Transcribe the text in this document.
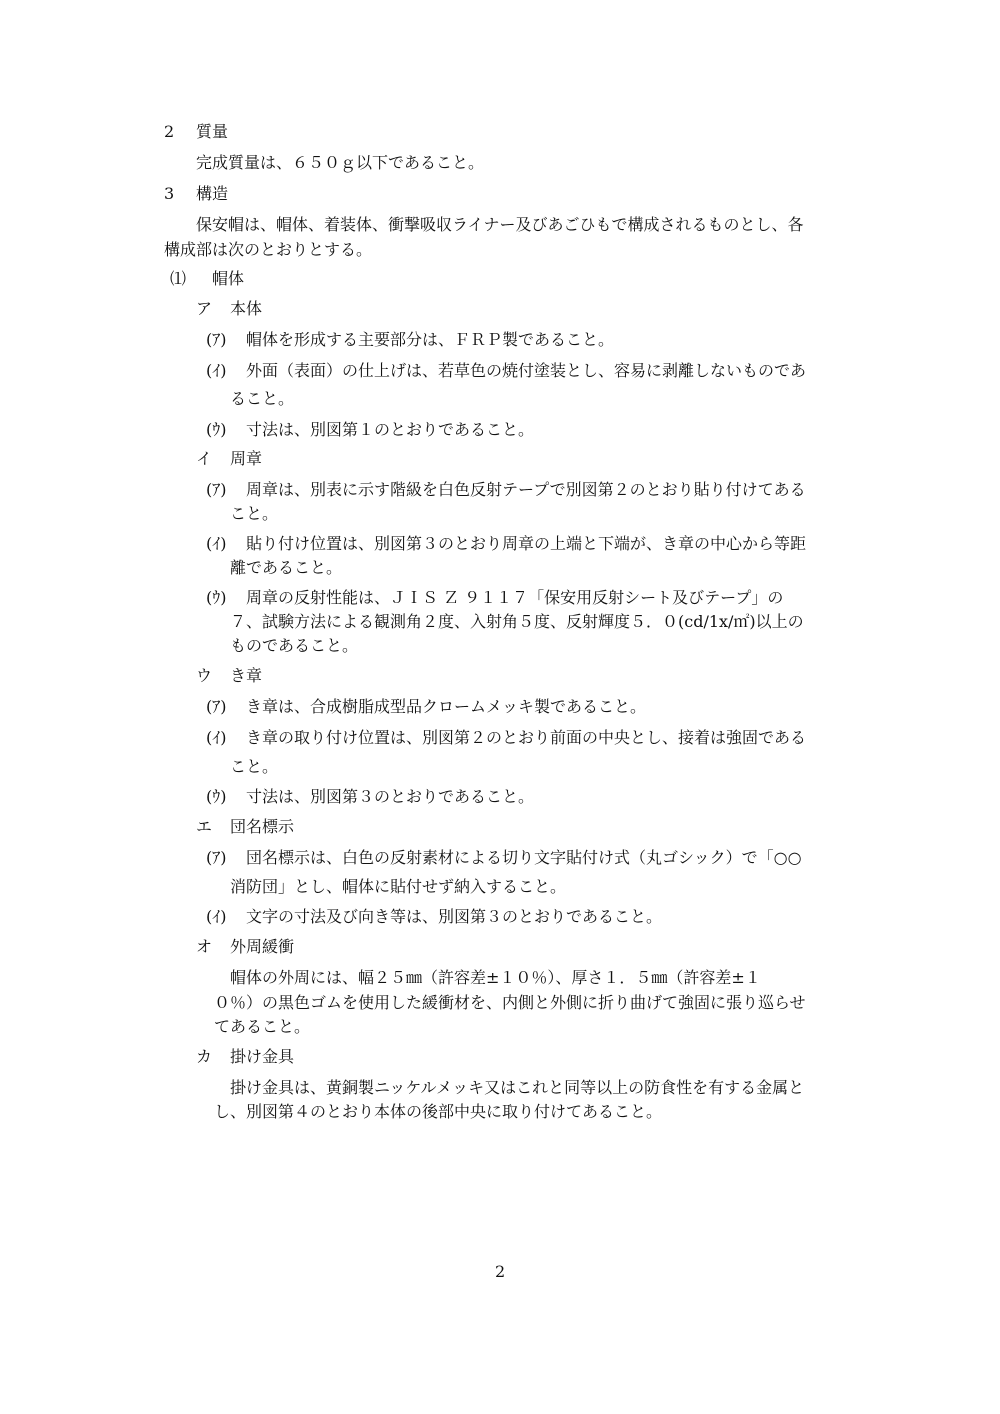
2 質量
完成質量は、６５０ｇ以下であること。
3 構造
保安帽は、帽体、着装体、衝撃吸収ライナー及びあごひもで構成されるものとし、各
構成部は次のとおりとする。
⑴ 帽体
ア 本体
(ｱ) 帽体を形成する主要部分は、ＦＲＰ製であること。
(ｲ) 外面（表面）の仕上げは、若草色の焼付塗装とし、容易に剥離しないものであ
ること。
(ｳ) 寸法は、別図第１のとおりであること。
イ 周章
(ｱ) 周章は、別表に示す階級を白色反射テープで別図第２のとおり貼り付けてある
こと。
(ｲ) 貼り付け位置は、別図第３のとおり周章の上端と下端が、き章の中心から等距
離であること。
(ｳ) 周章の反射性能は、ＪＩＳ Ｚ ９１１７「保安用反射シート及びテープ」の
７、試験方法による観測角２度、入射角５度、反射輝度５．０(cd/1x/㎡)以上の
ものであること。
ウ き章
(ｱ) き章は、合成樹脂成型品クロームメッキ製であること。
(ｲ) き章の取り付け位置は、別図第２のとおり前面の中央とし、接着は強固である
こと。
(ｳ) 寸法は、別図第３のとおりであること。
エ 団名標示
(ｱ) 団名標示は、白色の反射素材による切り文字貼付け式（丸ゴシック）で「○○
消防団」とし、帽体に貼付せず納入すること。
(ｲ) 文字の寸法及び向き等は、別図第３のとおりであること。
オ 外周緩衝
帽体の外周には、幅２５㎜（許容差±１０％）、厚さ１．５㎜（許容差±１
０％）の黒色ゴムを使用した緩衝材を、内側と外側に折り曲げて強固に張り巡らせ
てあること。
カ 掛け金具
掛け金具は、黄銅製ニッケルメッキ又はこれと同等以上の防食性を有する金属と
し、別図第４のとおり本体の後部中央に取り付けてあること。
2
